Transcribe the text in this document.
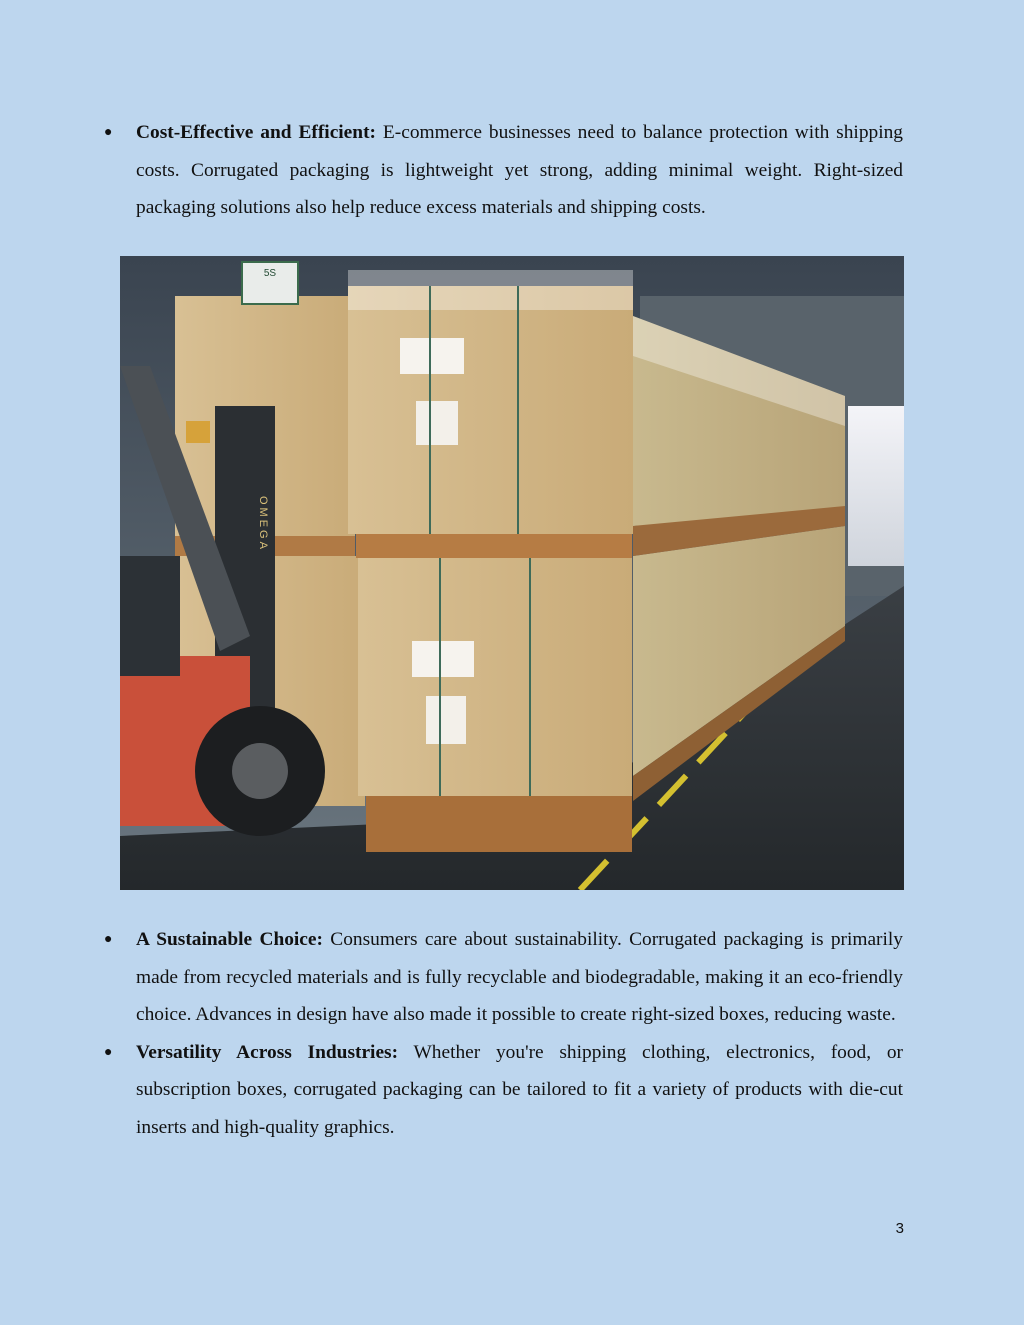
● Cost-Effective and Efficient: E-commerce businesses need to balance protection with shipping costs. Corrugated packaging is lightweight yet strong, adding minimal weight. Right-sized packaging solutions also help reduce excess materials and shipping costs.
5S
OMEGA
● A Sustainable Choice: Consumers care about sustainability. Corrugated packaging is primarily made from recycled materials and is fully recyclable and biodegradable, making it an eco-friendly choice. Advances in design have also made it possible to create right-sized boxes, reducing waste.
● Versatility Across Industries: Whether you're shipping clothing, electronics, food, or subscription boxes, corrugated packaging can be tailored to fit a variety of products with die-cut inserts and high-quality graphics.
3
